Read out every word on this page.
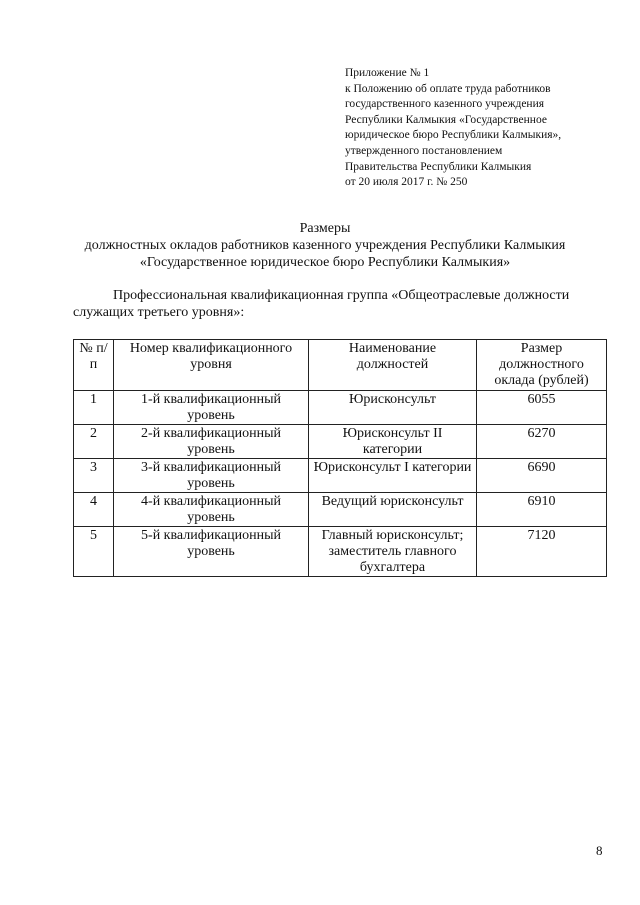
Приложение № 1
к Положению об оплате труда работников
государственного казенного учреждения
Республики Калмыкия «Государственное
юридическое бюро Республики Калмыкия»,
утвержденного постановлением
Правительства Республики Калмыкия
от 20 июля 2017 г. № 250
Размеры
должностных окладов работников казенного учреждения Республики Калмыкия
«Государственное юридическое бюро Республики Калмыкия»
Профессиональная квалификационная группа «Общеотраслевые должности служащих третьего уровня»:
№ п/п	Номер квалификационного уровня	Наименование должностей	Размер должностного оклада (рублей)
1	1-й квалификационный уровень	Юрисконсульт	6055
2	2-й квалификационный уровень	Юрисконсульт II категории	6270
3	3-й квалификационный уровень	Юрисконсульт I категории	6690
4	4-й квалификационный уровень	Ведущий юрисконсульт	6910
5	5-й квалификационный уровень	Главный юрисконсульт; заместитель главного бухгалтера	7120
8
